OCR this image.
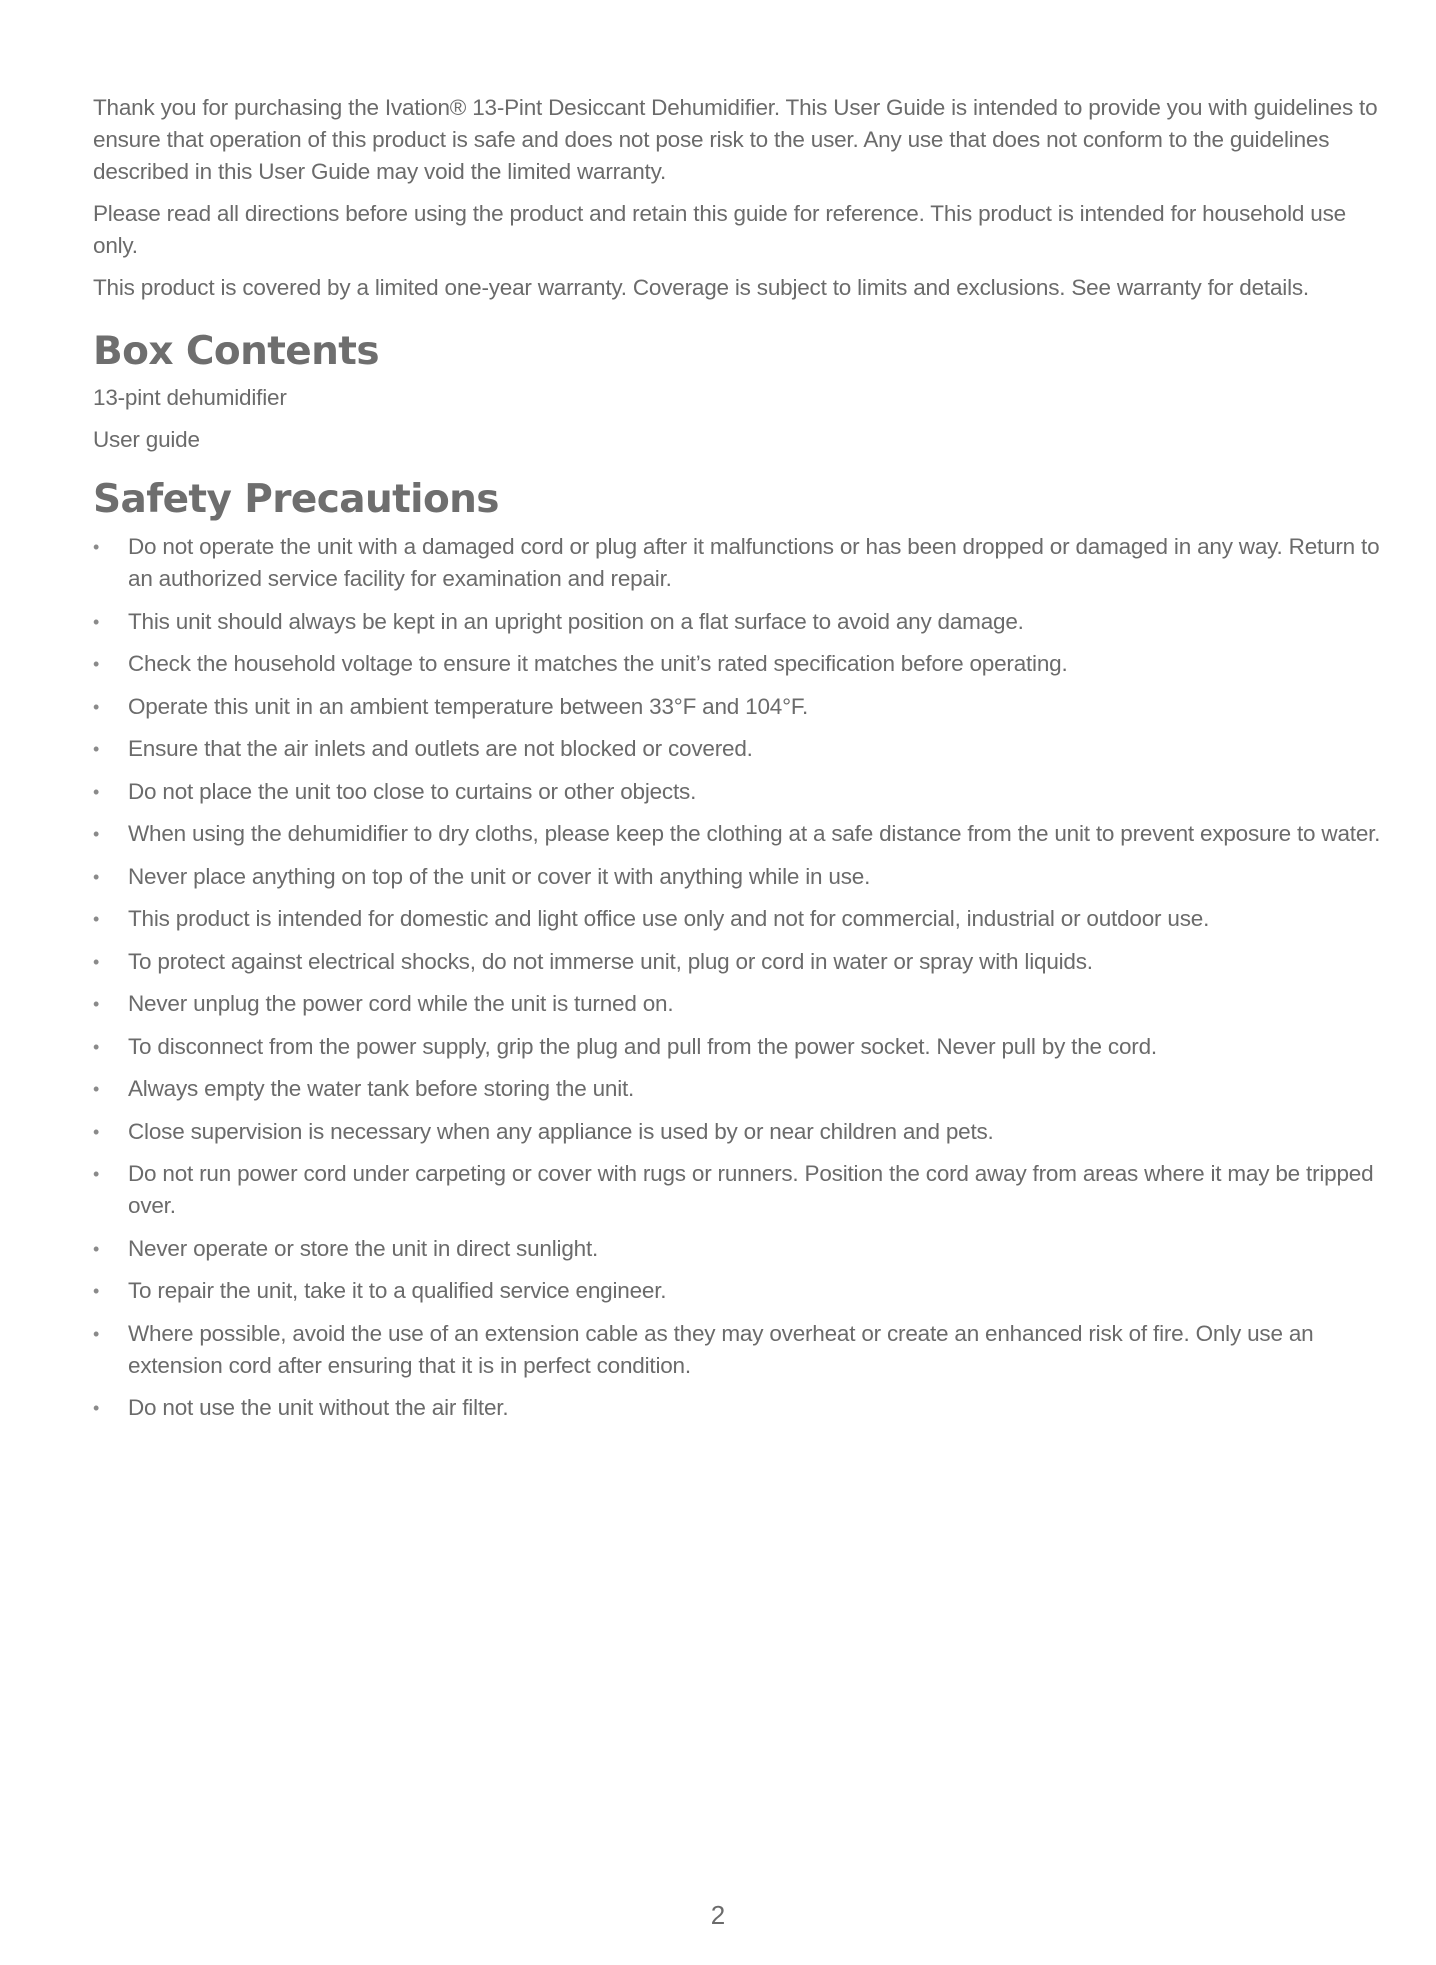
Thank you for purchasing the Ivation® 13-Pint Desiccant Dehumidifier. This User Guide is intended to provide you with guidelines to ensure that operation of this product is safe and does not pose risk to the user. Any use that does not conform to the guidelines described in this User Guide may void the limited warranty.

Please read all directions before using the product and retain this guide for reference. This product is intended for household use only.

This product is covered by a limited one-year warranty. Coverage is subject to limits and exclusions. See warranty for details.

Box Contents
13-pint dehumidifier
User guide
Safety Precautions
•	Do not operate the unit with a damaged cord or plug after it malfunctions or has been dropped or damaged in any way. Return to an authorized service facility for examination and repair.
•	This unit should always be kept in an upright position on a flat surface to avoid any damage.
•	Check the household voltage to ensure it matches the unit’s rated specification before operating.
•	Operate this unit in an ambient temperature between 33°F and 104°F.
•	Ensure that the air inlets and outlets are not blocked or covered.
•	Do not place the unit too close to curtains or other objects.
•	When using the dehumidifier to dry cloths, please keep the clothing at a safe distance from the unit to prevent exposure to water.
•	Never place anything on top of the unit or cover it with anything while in use.
•	This product is intended for domestic and light office use only and not for commercial, industrial or outdoor use.
•	To protect against electrical shocks, do not immerse unit, plug or cord in water or spray with liquids.
•	Never unplug the power cord while the unit is turned on.
•	To disconnect from the power supply, grip the plug and pull from the power socket. Never pull by the cord.
•	Always empty the water tank before storing the unit.
•	Close supervision is necessary when any appliance is used by or near children and pets.
•	Do not run power cord under carpeting or cover with rugs or runners. Position the cord away from areas where it may be tripped over.
•	Never operate or store the unit in direct sunlight.
•	To repair the unit, take it to a qualified service engineer.
•	Where possible, avoid the use of an extension cable as they may overheat or create an enhanced risk of fire. Only use an extension cord after ensuring that it is in perfect condition.
•	Do not use the unit without the air filter.
2
